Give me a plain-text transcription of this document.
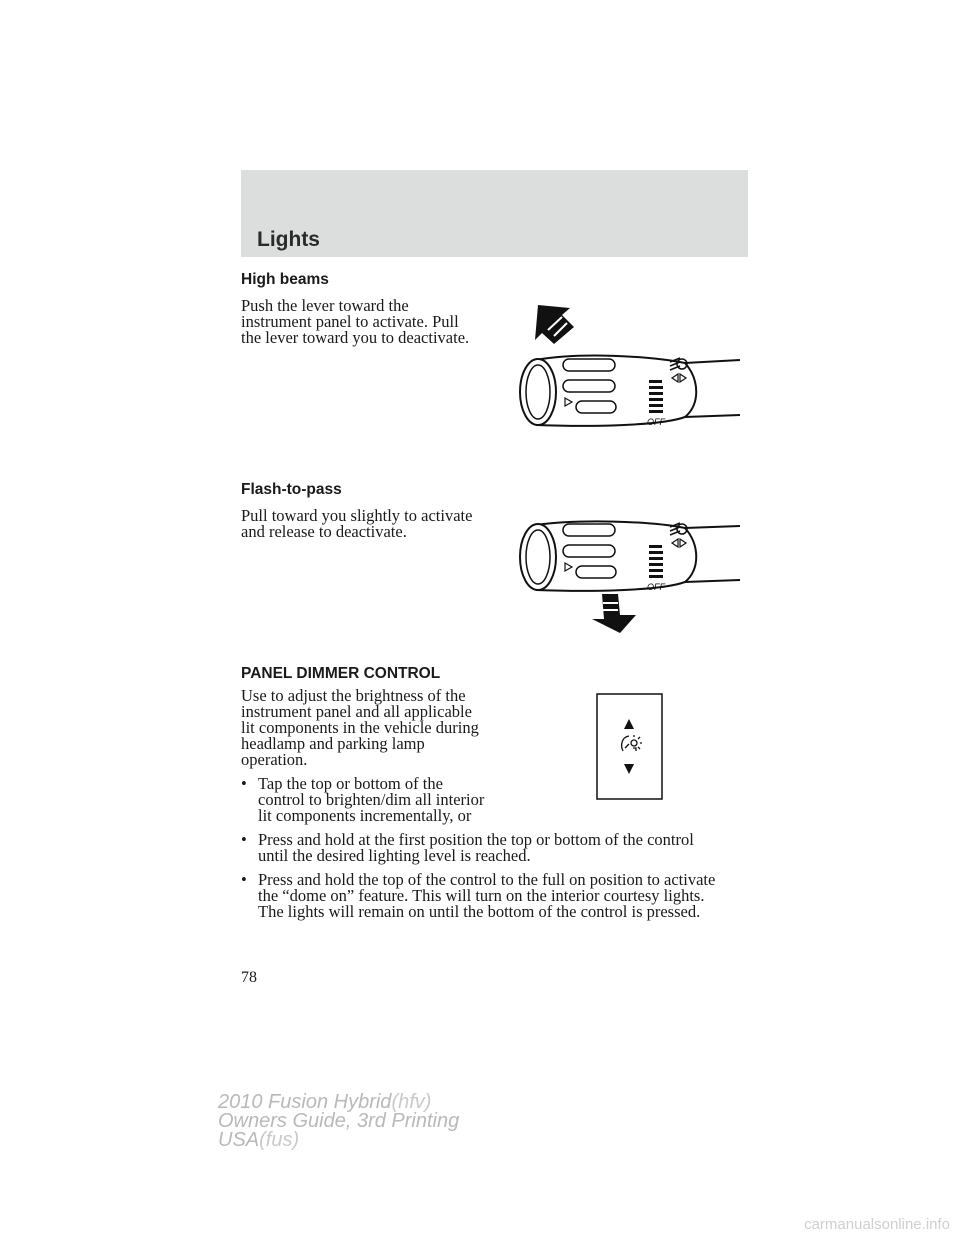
Lights
High beams
Push the lever toward the
instrument panel to activate. Pull
the lever toward you to deactivate.
OFF
Flash-to-pass
Pull toward you slightly to activate
and release to deactivate.
OFF
PANEL DIMMER CONTROL
Use to adjust the brightness of the
instrument panel and all applicable
lit components in the vehicle during
headlamp and parking lamp
operation.
• Tap the top or bottom of the
control to brighten/dim all interior
lit components incrementally, or
• Press and hold at the first position the top or bottom of the control
until the desired lighting level is reached.
• Press and hold the top of the control to the full on position to activate
the “dome on” feature. This will turn on the interior courtesy lights.
The lights will remain on until the bottom of the control is pressed.
78
2010 Fusion Hybrid(hfv)
Owners Guide, 3rd Printing
USA(fus)
carmanualsonline.info
